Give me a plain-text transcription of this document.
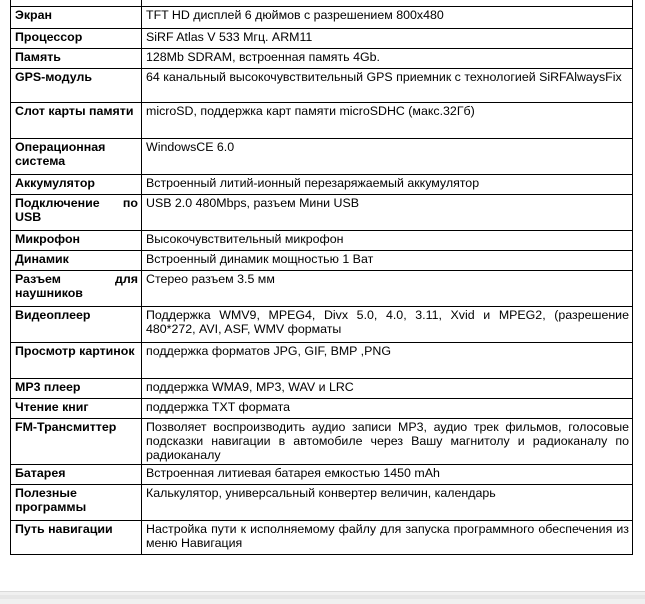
Экран	TFT HD дисплей 6 дюймов с разрешением 800x480
Процессор	SiRF Atlas V 533 Мгц. ARM11
Память	128Mb SDRAM, встроенная память 4Gb.
GPS-модуль	64 канальный высокочувствительный GPS приемник с технологией SiRFAlwaysFix
Слот карты памяти	microSD, поддержка карт памяти microSDHC (макс.32Гб)
Операционная система	WindowsCE 6.0
Аккумулятор	Встроенный литий-ионный перезаряжаемый аккумулятор
Подключение по USB	USB 2.0 480Mbps, разъем Мини USB
Микрофон	Высокочувствительный микрофон
Динамик	Встроенный динамик мощностью 1 Ват
Разъем для наушников	Стерео разъем 3.5 мм
Видеоплеер	Поддержка WMV9, MPEG4, Divx 5.0, 4.0, 3.11, Xvid и MPEG2, (разрешение 480*272, AVI, ASF, WMV форматы
Просмотр картинок	поддержка форматов JPG, GIF, BMP ,PNG
MP3 плеер	поддержка WMA9, MP3, WAV и LRC
Чтение книг	поддержка TXT формата
FM-Трансмиттер	Позволяет воспроизводить аудио записи MP3, аудио трек фильмов, голосовые подсказки навигации в автомобиле через Вашу магнитолу и радиоканалу по радиоканалу
Батарея	Встроенная литиевая батарея емкостью 1450 mAh
Полезные программы	Калькулятор, универсальный конвертер величин, календарь
Путь навигации	Настройка пути к исполняемому файлу для запуска программного обеспечения из меню Навигация
